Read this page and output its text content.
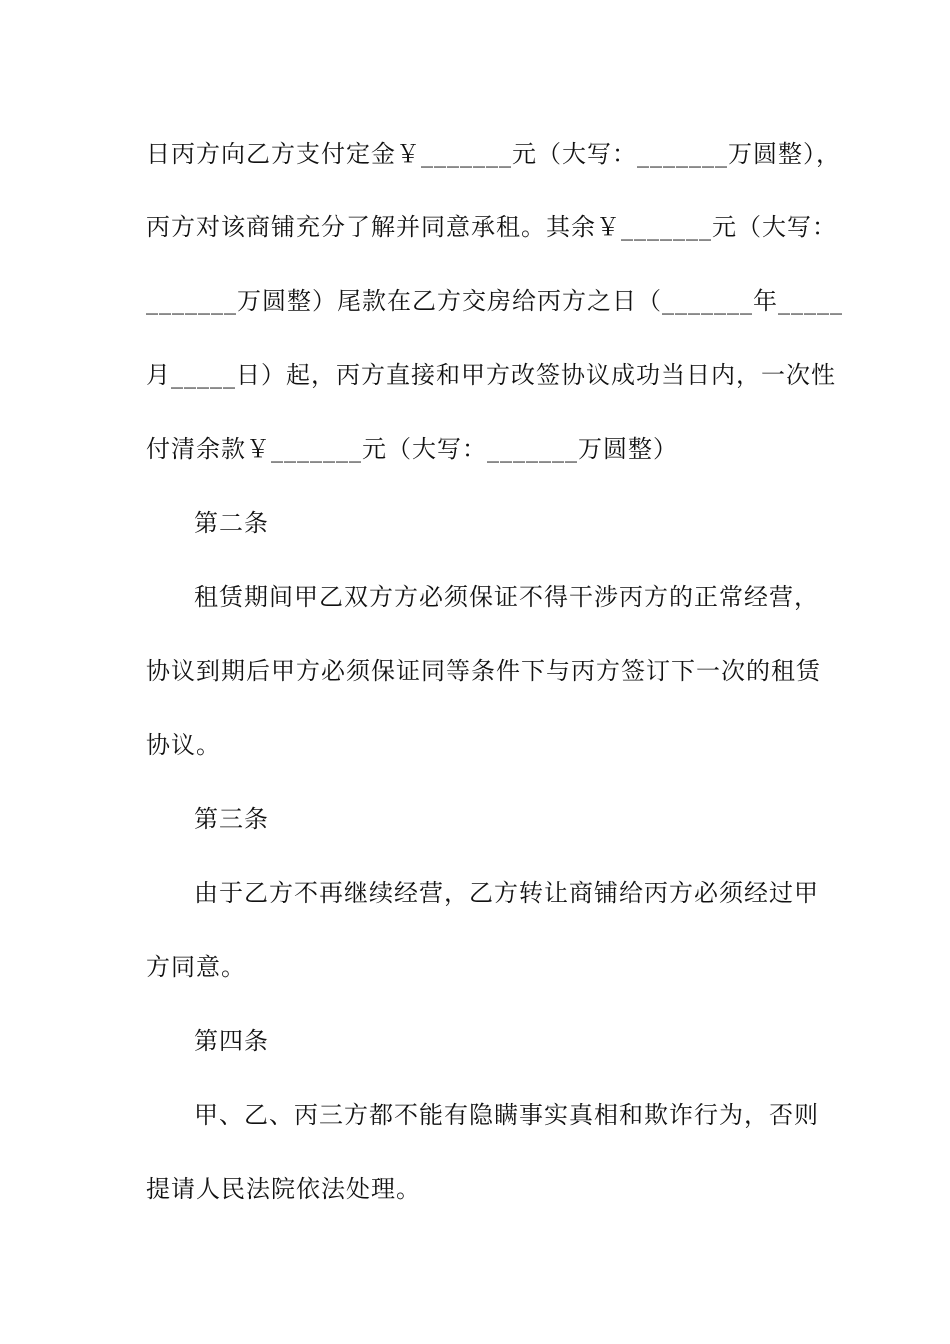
日丙方向乙方支付定金￥_______元（大写：_______万圆整），
丙方对该商铺充分了解并同意承租。其余￥_______元（大写：
_______万圆整）尾款在乙方交房给丙方之日（_______年_____
月_____日）起，丙方直接和甲方改签协议成功当日内，一次性
付清余款￥_______元（大写：_______万圆整）
第二条
租赁期间甲乙双方方必须保证不得干涉丙方的正常经营，
协议到期后甲方必须保证同等条件下与丙方签订下一次的租赁
协议。
第三条
由于乙方不再继续经营，乙方转让商铺给丙方必须经过甲
方同意。
第四条
甲、乙、丙三方都不能有隐瞒事实真相和欺诈行为，否则
提请人民法院依法处理。
